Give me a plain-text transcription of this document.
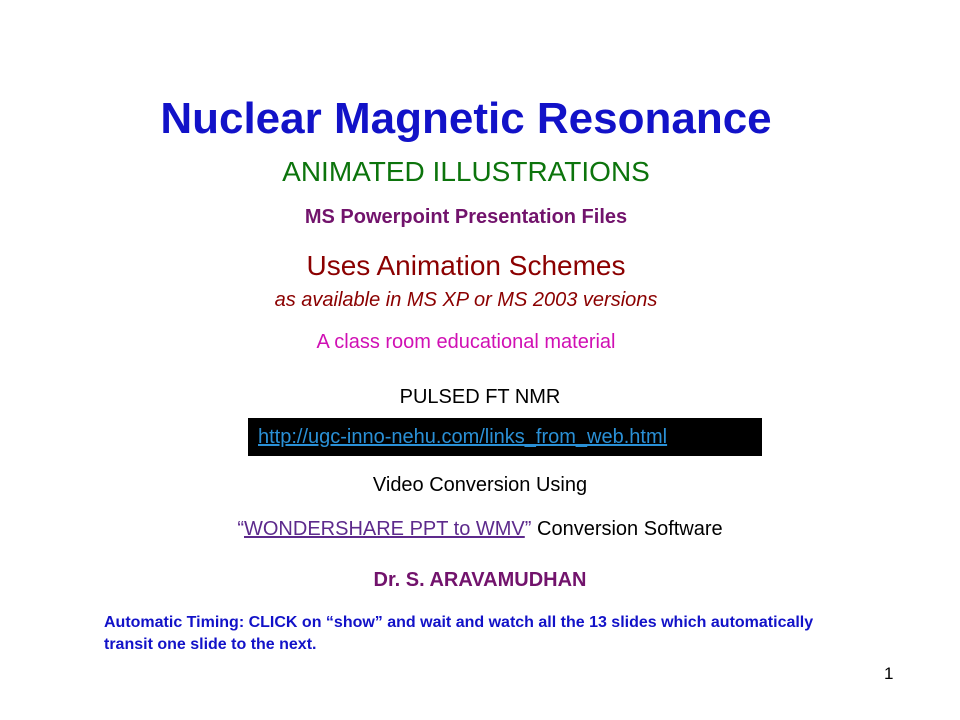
Nuclear Magnetic Resonance
ANIMATED ILLUSTRATIONS
MS Powerpoint Presentation Files
Uses Animation Schemes
as available in MS XP or MS 2003 versions
A class room educational material
PULSED FT NMR
http://ugc-inno-nehu.com/links_from_web.html
Video Conversion Using
“WONDERSHARE PPT to WMV” Conversion Software
Dr. S. ARAVAMUDHAN
Automatic Timing: CLICK on “show” and wait and watch all the 13 slides which automatically transit one slide to the next.
1
